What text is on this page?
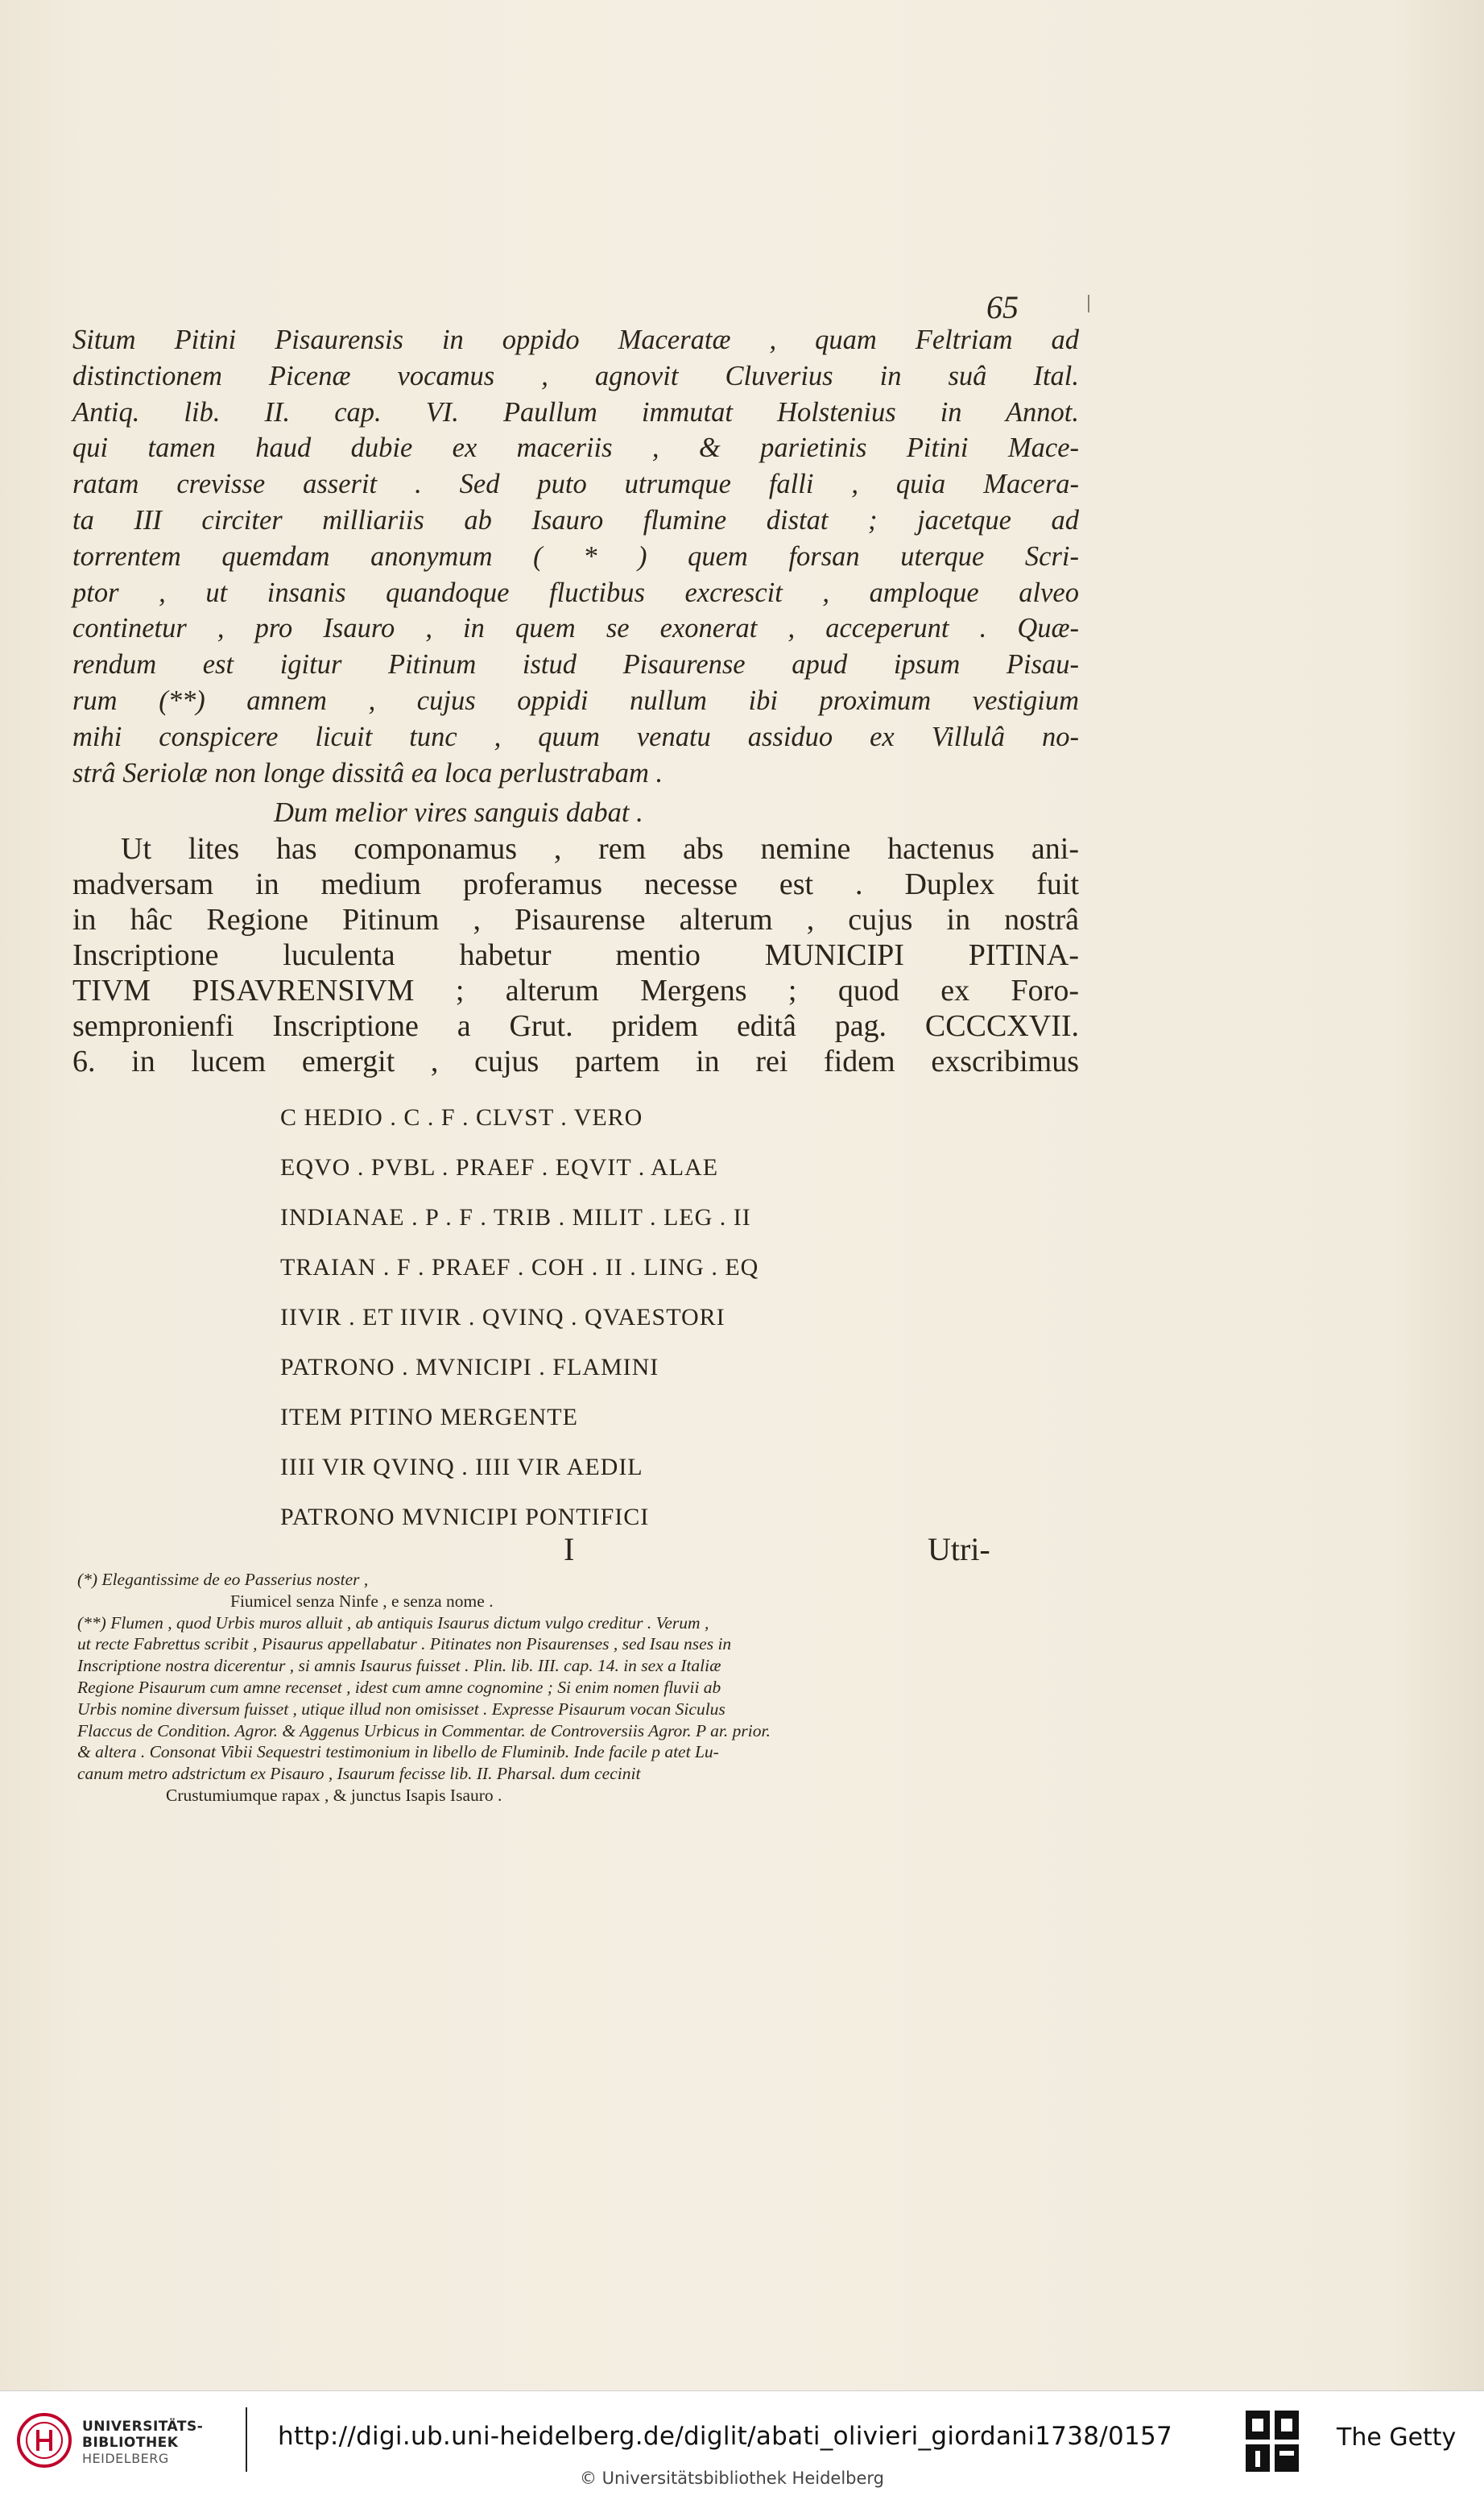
65
Situm Pitini Pisaurensis in oppido Maceratæ , quam Feltriam ad
distinctionem Picenæ vocamus , agnovit Cluverius in suâ Ital.
Antiq. lib. II. cap. VI. Paullum immutat Holstenius in Annot.
qui tamen haud dubie ex maceriis , & parietinis Pitini Mace-
ratam crevisse asserit . Sed puto utrumque falli , quia Macera-
ta III circiter milliariis ab Isauro flumine distat ; jacetque ad
torrentem quemdam anonymum ( * ) quem forsan uterque Scri-
ptor , ut insanis quandoque fluctibus excrescit , amploque alveo
continetur , pro Isauro , in quem se exonerat , acceperunt . Quæ-
rendum est igitur Pitinum istud Pisaurense apud ipsum Pisau-
rum (**) amnem , cujus oppidi nullum ibi proximum vestigium
mihi conspicere licuit tunc , quum venatu assiduo ex Villulâ no-
strâ Seriolæ non longe dissitâ ea loca perlustrabam .
Dum melior vires sanguis dabat .
Ut lites has componamus , rem abs nemine hactenus ani-
madversam in medium proferamus necesse est . Duplex fuit
in hâc Regione Pitinum , Pisaurense alterum , cujus in nostrâ
Inscriptione luculenta habetur mentio MUNICIPI PITINA-
TIVM PISAVRENSIVM ; alterum Mergens ; quod ex Foro-
sempronienfi Inscriptione a Grut. pridem editâ pag. CCCCXVII.
6. in lucem emergit , cujus partem in rei fidem exscribimus
C HEDIO . C . F . CLVST . VERO
EQVO . PVBL . PRAEF . EQVIT . ALAE
INDIANAE . P . F . TRIB . MILIT . LEG . II
TRAIAN . F . PRAEF . COH . II . LING . EQ
IIVIR . ET IIVIR . QVINQ . QVAESTORI
PATRONO . MVNICIPI . FLAMINI
ITEM PITINO MERGENTE
IIII VIR QVINQ . IIII VIR AEDIL
PATRONO MVNICIPI PONTIFICI
I	Utri-
(*) Elegantissime de eo Passerius noster ,
Fiumicel senza Ninfe , e senza nome .
(**) Flumen , quod Urbis muros alluit , ab antiquis Isaurus dictum vulgo creditur . Verum ,
ut recte Fabrettus scribit , Pisaurus appellabatur . Pitinates non Pisaurenses , sed Isau nses in
Inscriptione nostra dicerentur , si amnis Isaurus fuisset . Plin. lib. III. cap. 14. in sex a Italiæ
Regione Pisaurum cum amne recenset , idest cum amne cognomine ; Si enim nomen fluvii ab
Urbis nomine diversum fuisset , utique illud non omisisset . Expresse Pisaurum vocan Siculus
Flaccus de Condition. Agror. & Aggenus Urbicus in Commentar. de Controversiis Agror. P ar. prior.
& altera . Consonat Vibii Sequestri testimonium in libello de Fluminib. Inde facile p atet Lu-
canum metro adstrictum ex Pisauro , Isaurum fecisse lib. II. Pharsal. dum cecinit
Crustumiumque rapax , & junctus Isapis Isauro .
UNIVERSITÄTS-
BIBLIOTHEK
HEIDELBERG
http://digi.ub.uni-heidelberg.de/diglit/abati_olivieri_giordani1738/0157
© Universitätsbibliothek Heidelberg
The Getty
